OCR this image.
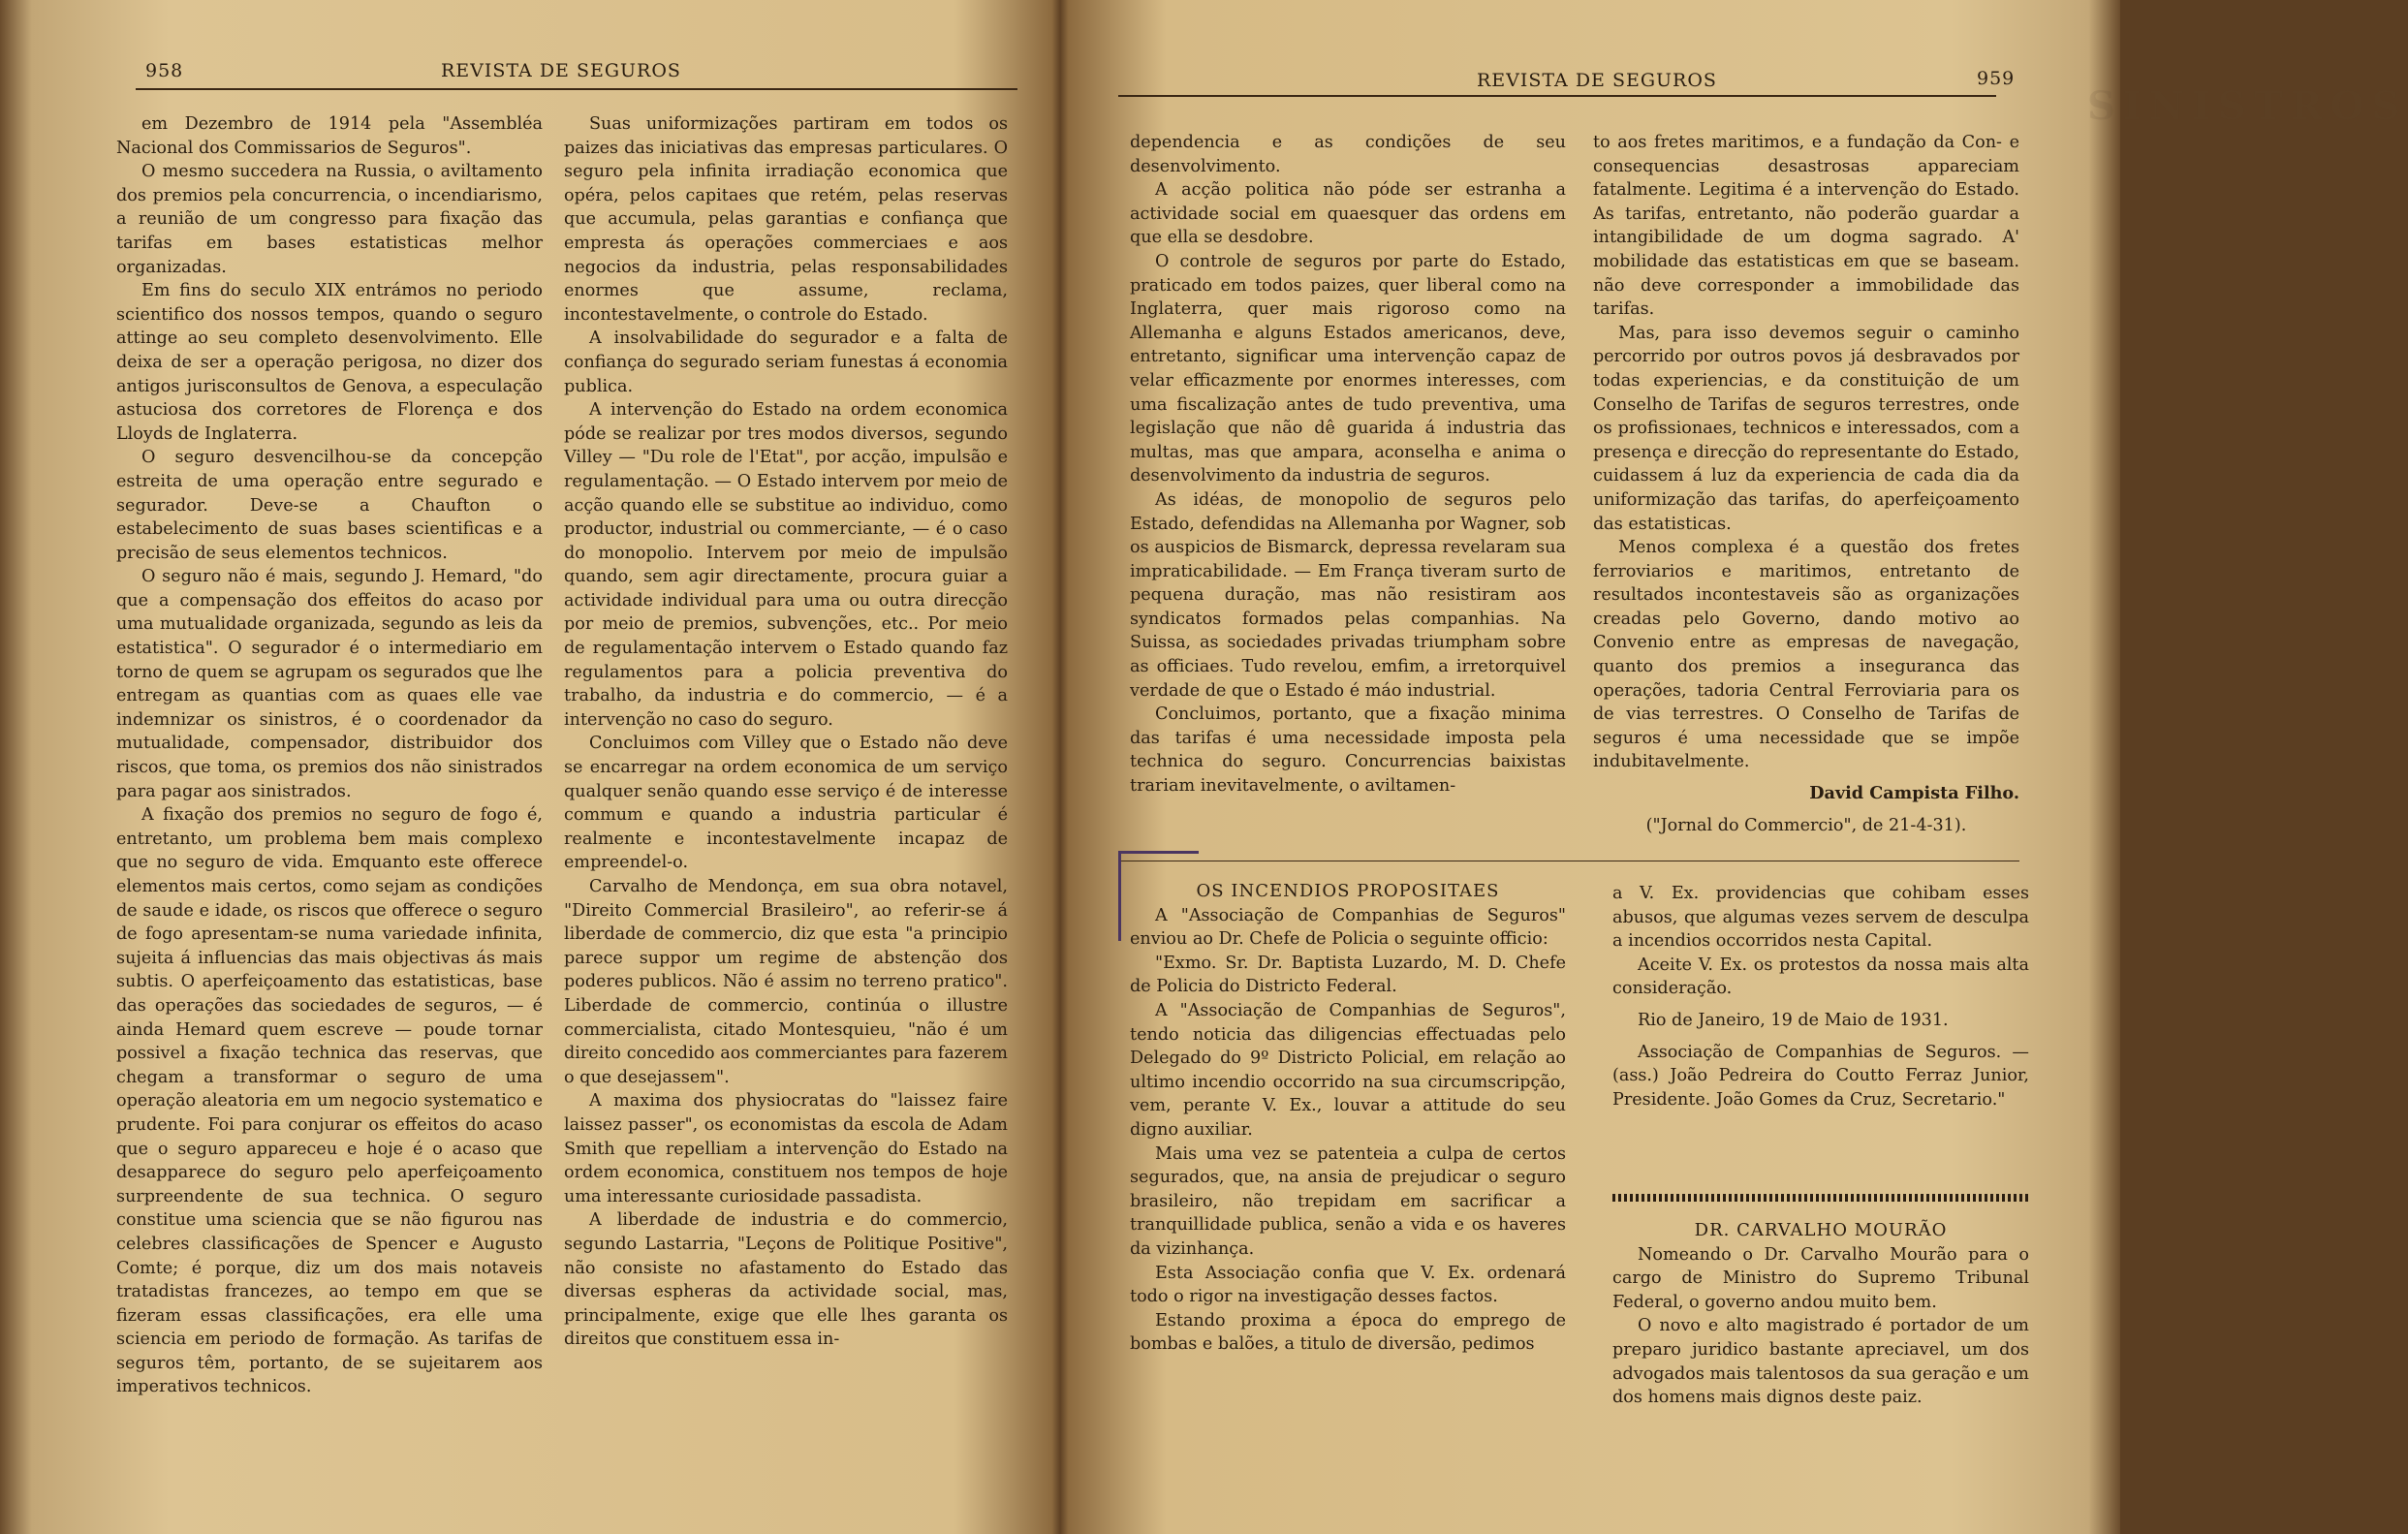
958	REVISTA DE SEGUROS

em Dezembro de 1914 pela "Assembléa Nacional dos Commissarios de Seguros".

O mesmo succedera na Russia, o aviltamento dos premios pela concurrencia, o incendiarismo, a reunião de um congresso para fixação das tarifas em bases estatisticas melhor organizadas.

Em fins do seculo XIX entrámos no periodo scientifico dos nossos tempos, quando o seguro attinge ao seu completo desenvolvimento. Elle deixa de ser a operação perigosa, no dizer dos antigos jurisconsultos de Genova, a especulação astuciosa dos corretores de Florença e dos Lloyds de Inglaterra.

O seguro desvencilhou-se da concepção estreita de uma operação entre segurado e segurador. Deve-se a Chaufton o estabelecimento de suas bases scientificas e a precisão de seus elementos technicos.

O seguro não é mais, segundo J. Hemard, "do que a compensação dos effeitos do acaso por uma mutualidade organizada, segundo as leis da estatistica". O segurador é o intermediario em torno de quem se agrupam os segurados que lhe entregam as quantias com as quaes elle vae indemnizar os sinistros, é o coordenador da mutualidade, compensador, distribuidor dos riscos, que toma, os premios dos não sinistrados para pagar aos sinistrados.

A fixação dos premios no seguro de fogo é, entretanto, um problema bem mais complexo que no seguro de vida. Emquanto este offerece elementos mais certos, como sejam as condições de saude e idade, os riscos que offerece o seguro de fogo apresentam-se numa variedade infinita, sujeita á influencias das mais objectivas ás mais subtis. O aperfeiçoamento das estatisticas, base das operações das sociedades de seguros, — é ainda Hemard quem escreve — poude tornar possivel a fixação technica das reservas, que chegam a transformar o seguro de uma operação aleatoria em um negocio systematico e prudente. Foi para conjurar os effeitos do acaso que o seguro appareceu e hoje é o acaso que desapparece do seguro pelo aperfeiçoamento surpreendente de sua technica. O seguro constitue uma sciencia que se não figurou nas celebres classificações de Spencer e Augusto Comte; é porque, diz um dos mais notaveis tratadistas francezes, ao tempo em que se fizeram essas classificações, era elle uma sciencia em periodo de formação. As tarifas de seguros têm, portanto, de se sujeitarem aos imperativos technicos.

Suas uniformizações partiram em todos os paizes das iniciativas das empresas particulares. O seguro pela infinita irradiação economica que opéra, pelos capitaes que retém, pelas reservas que accumula, pelas garantias e confiança que empresta ás operações commerciaes e aos negocios da industria, pelas responsabilidades enormes que assume, reclama, incontestavelmente, o controle do Estado.

A insolvabilidade do segurador e a falta de confiança do segurado seriam funestas á economia publica.

A intervenção do Estado na ordem economica póde se realizar por tres modos diversos, segundo Villey — "Du role de l'Etat", por acção, impulsão e regulamentação. — O Estado intervem por meio de acção quando elle se substitue ao individuo, como productor, industrial ou commerciante, — é o caso do monopolio. Intervem por meio de impulsão quando, sem agir directamente, procura guiar a actividade individual para uma ou outra direcção por meio de premios, subvenções, etc.. Por meio de regulamentação intervem o Estado quando faz regulamentos para a policia preventiva do trabalho, da industria e do commercio, — é a intervenção no caso do seguro.

Concluimos com Villey que o Estado não deve se encarregar na ordem economica de um serviço qualquer senão quando esse serviço é de interesse commum e quando a industria particular é realmente e incontestavelmente incapaz de empreendel-o.

Carvalho de Mendonça, em sua obra notavel, "Direito Commercial Brasileiro", ao referir-se á liberdade de commercio, diz que esta "a principio parece suppor um regime de abstenção dos poderes publicos. Não é assim no terreno pratico". Liberdade de commercio, continúa o illustre commercialista, citado Montesquieu, "não é um direito concedido aos commerciantes para fazerem o que desejassem".

A maxima dos physiocratas do "laissez faire laissez passer", os economistas da escola de Adam Smith que repelliam a intervenção do Estado na ordem economica, constituem nos tempos de hoje uma interessante curiosidade passadista.

A liberdade de industria e do commercio, segundo Lastarria, "Leçons de Politique Positive", não consiste no afastamento do Estado das diversas espheras da actividade social, mas, principalmente, exige que elle lhes garanta os direitos que constituem essa in-

SINISTROS
REVISTA DE SEGUROS	959

dependencia e as condições de seu desenvolvimento.

A acção politica não póde ser estranha a actividade social em quaesquer das ordens em que ella se desdobre.

O controle de seguros por parte do Estado, praticado em todos paizes, quer liberal como na Inglaterra, quer mais rigoroso como na Allemanha e alguns Estados americanos, deve, entretanto, significar uma intervenção capaz de velar efficazmente por enormes interesses, com uma fiscalização antes de tudo preventiva, uma legislação que não dê guarida á industria das multas, mas que ampara, aconselha e anima o desenvolvimento da industria de seguros.

As idéas, de monopolio de seguros pelo Estado, defendidas na Allemanha por Wagner, sob os auspicios de Bismarck, depressa revelaram sua impraticabilidade. — Em França tiveram surto de pequena duração, mas não resistiram aos syndicatos formados pelas companhias. Na Suissa, as sociedades privadas triumpham sobre as officiaes. Tudo revelou, emfim, a irretorquivel verdade de que o Estado é máo industrial.

Concluimos, portanto, que a fixação minima das tarifas é uma necessidade imposta pela technica do seguro. Concurrencias baixistas trariam inevitavelmente, o aviltamen-

to aos fretes maritimos, e a fundação da Con- e consequencias desastrosas appareciam fatalmente. Legitima é a intervenção do Estado. As tarifas, entretanto, não poderão guardar a intangibilidade de um dogma sagrado. A' mobilidade das estatisticas em que se baseam. não deve corresponder a immobilidade das tarifas.

Mas, para isso devemos seguir o caminho percorrido por outros povos já desbravados por todas experiencias, e da constituição de um Conselho de Tarifas de seguros terrestres, onde os profissionaes, technicos e interessados, com a presença e direcção do representante do Estado, cuidassem á luz da experiencia de cada dia da uniformização das tarifas, do aperfeiçoamento das estatisticas.

Menos complexa é a questão dos fretes ferroviarios e maritimos, entretanto de resultados incontestaveis são as organizações creadas pelo Governo, dando motivo ao Convenio entre as empresas de navegação, quanto dos premios a inseguranca das operações, tadoria Central Ferroviaria para os de vias terrestres. O Conselho de Tarifas de seguros é uma necessidade que se impõe indubitavelmente.

David Campista Filho.

("Jornal do Commercio", de 21-4-31).

OS INCENDIOS PROPOSITAES

A "Associação de Companhias de Seguros" enviou ao Dr. Chefe de Policia o seguinte officio:

"Exmo. Sr. Dr. Baptista Luzardo, M. D. Chefe de Policia do Districto Federal.

A "Associação de Companhias de Seguros", tendo noticia das diligencias effectuadas pelo Delegado do 9º Districto Policial, em relação ao ultimo incendio occorrido na sua circumscripção, vem, perante V. Ex., louvar a attitude do seu digno auxiliar.

Mais uma vez se patenteia a culpa de certos segurados, que, na ansia de prejudicar o seguro brasileiro, não trepidam em sacrificar a tranquillidade publica, senão a vida e os haveres da vizinhança.

Esta Associação confia que V. Ex. ordenará todo o rigor na investigação desses factos.

Estando proxima a época do emprego de bombas e balões, a titulo de diversão, pedimos

a V. Ex. providencias que cohibam esses abusos, que algumas vezes servem de desculpa a incendios occorridos nesta Capital.

Aceite V. Ex. os protestos da nossa mais alta consideração.

Rio de Janeiro, 19 de Maio de 1931.

Associação de Companhias de Seguros. — (ass.) João Pedreira do Coutto Ferraz Junior, Presidente. João Gomes da Cruz, Secretario."

DR. CARVALHO MOURÃO

Nomeando o Dr. Carvalho Mourão para o cargo de Ministro do Supremo Tribunal Federal, o governo andou muito bem.

O novo e alto magistrado é portador de um preparo juridico bastante apreciavel, um dos advogados mais talentosos da sua geração e um dos homens mais dignos deste paiz.
